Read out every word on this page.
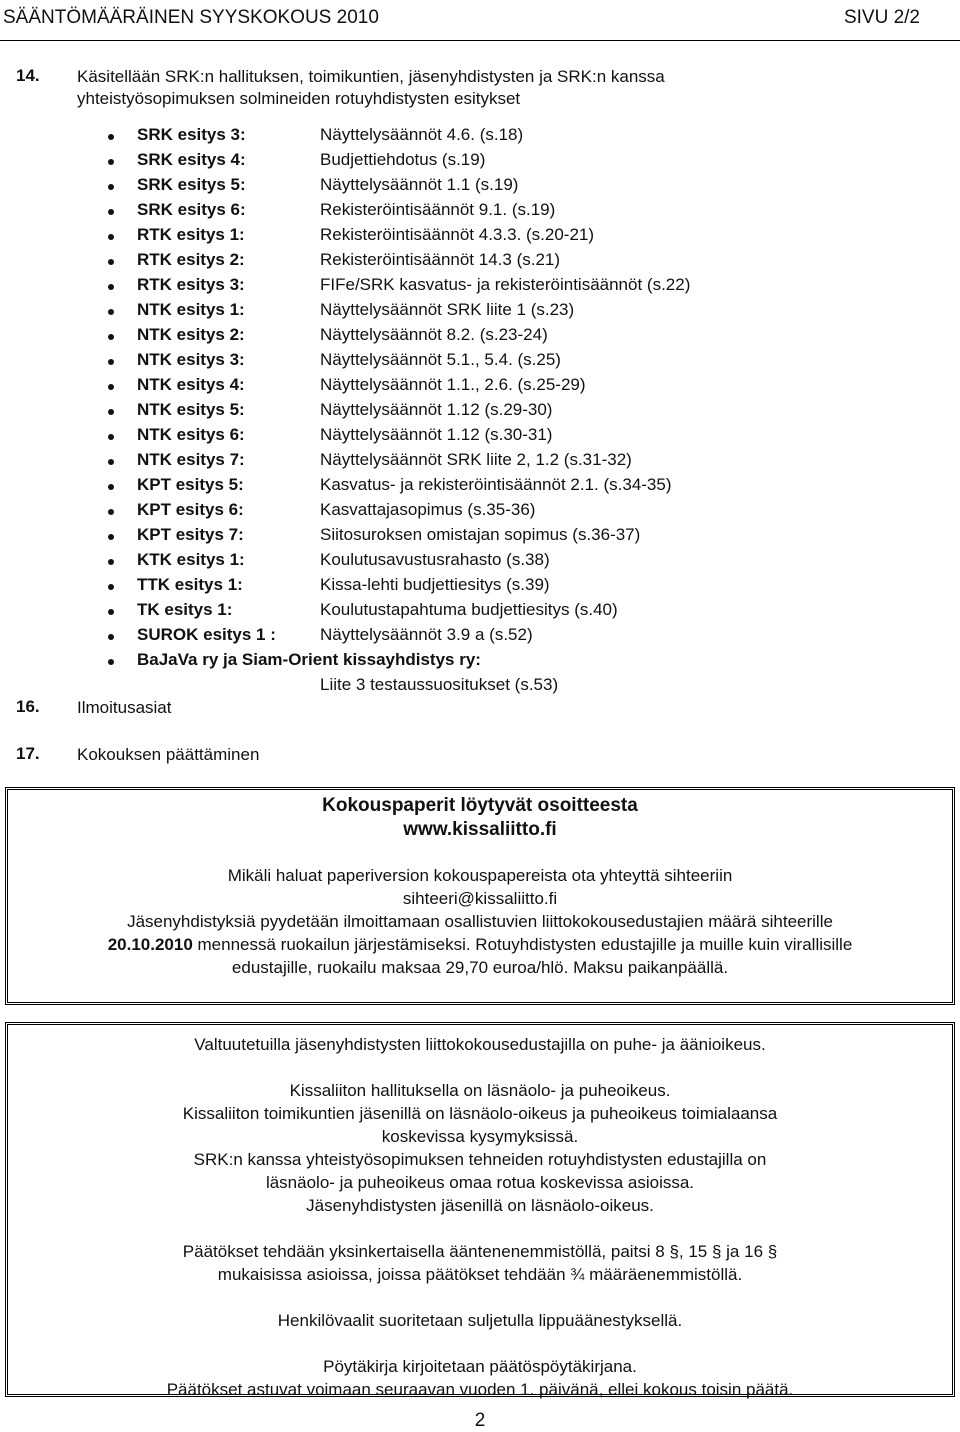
SÄÄNTÖMÄÄRÄINEN SYYSKOKOUS 2010	SIVU 2/2
14. Käsitellään SRK:n hallituksen, toimikuntien, jäsenyhdistysten ja SRK:n kanssa yhteistyösopimuksen solmineiden rotuyhdistysten esitykset
SRK esitys 3:	Näyttelysäännöt 4.6. (s.18)
SRK esitys 4:	Budjettiehdotus (s.19)
SRK esitys 5:	Näyttelysäännöt 1.1 (s.19)
SRK esitys 6:	Rekisteröintisäännöt 9.1. (s.19)
RTK esitys 1:	Rekisteröintisäännöt 4.3.3. (s.20-21)
RTK esitys 2:	Rekisteröintisäännöt 14.3 (s.21)
RTK esitys 3:	FIFe/SRK kasvatus- ja rekisteröintisäännöt (s.22)
NTK esitys 1:	Näyttelysäännöt SRK liite 1 (s.23)
NTK esitys 2:	Näyttelysäännöt 8.2. (s.23-24)
NTK esitys 3:	Näyttelysäännöt 5.1., 5.4. (s.25)
NTK esitys 4:	Näyttelysäännöt 1.1., 2.6. (s.25-29)
NTK esitys 5:	Näyttelysäännöt 1.12 (s.29-30)
NTK esitys 6:	Näyttelysäännöt 1.12 (s.30-31)
NTK esitys 7:	Näyttelysäännöt SRK liite 2, 1.2 (s.31-32)
KPT esitys 5:	Kasvatus- ja rekisteröintisäännöt 2.1. (s.34-35)
KPT esitys 6:	Kasvattajasopimus (s.35-36)
KPT esitys 7:	Siitosuroksen omistajan sopimus (s.36-37)
KTK esitys 1:	Koulutusavustusrahasto (s.38)
TTK esitys 1:	Kissa-lehti budjettiesitys (s.39)
TK esitys 1:	Koulutustapahtuma budjettiesitys (s.40)
SUROK esitys 1 :	Näyttelysäännöt 3.9 a (s.52)
BaJaVa ry ja Siam-Orient kissayhdistys ry:
Liite 3 testaussuositukset (s.53)
16. Ilmoitusasiat
17. Kokouksen päättäminen

Kokouspaperit löytyvät osoitteesta

www.kissaliitto.fi

Mikäli haluat paperiversion kokouspapereista ota yhteyttä sihteeriin

sihteeri@kissaliitto.fi

Jäsenyhdistyksiä pyydetään ilmoittamaan osallistuvien liittokokousedustajien määrä sihteerille

20.10.2010 mennessä ruokailun järjestämiseksi. Rotuyhdistysten edustajille ja muille kuin virallisille

edustajille, ruokailu maksaa 29,70 euroa/hlö. Maksu paikanpäällä.

Valtuutetuilla jäsenyhdistysten liittokokousedustajilla on puhe- ja äänioikeus.

Kissaliiton hallituksella on läsnäolo- ja puheoikeus.

Kissaliiton toimikuntien jäsenillä on läsnäolo-oikeus ja puheoikeus toimialaansa

koskevissa kysymyksissä.

SRK:n kanssa yhteistyösopimuksen tehneiden rotuyhdistysten edustajilla on

läsnäolo- ja puheoikeus omaa rotua koskevissa asioissa.

Jäsenyhdistysten jäsenillä on läsnäolo-oikeus.

Päätökset tehdään yksinkertaisella ääntenenemmistöllä, paitsi 8 §, 15 § ja 16 §

mukaisissa asioissa, joissa päätökset tehdään ¾ määräenemmistöllä.

Henkilövaalit suoritetaan suljetulla lippuäänestyksellä.

Pöytäkirja kirjoitetaan päätöspöytäkirjana.

Päätökset astuvat voimaan seuraavan vuoden 1. päivänä, ellei kokous toisin päätä.

2
